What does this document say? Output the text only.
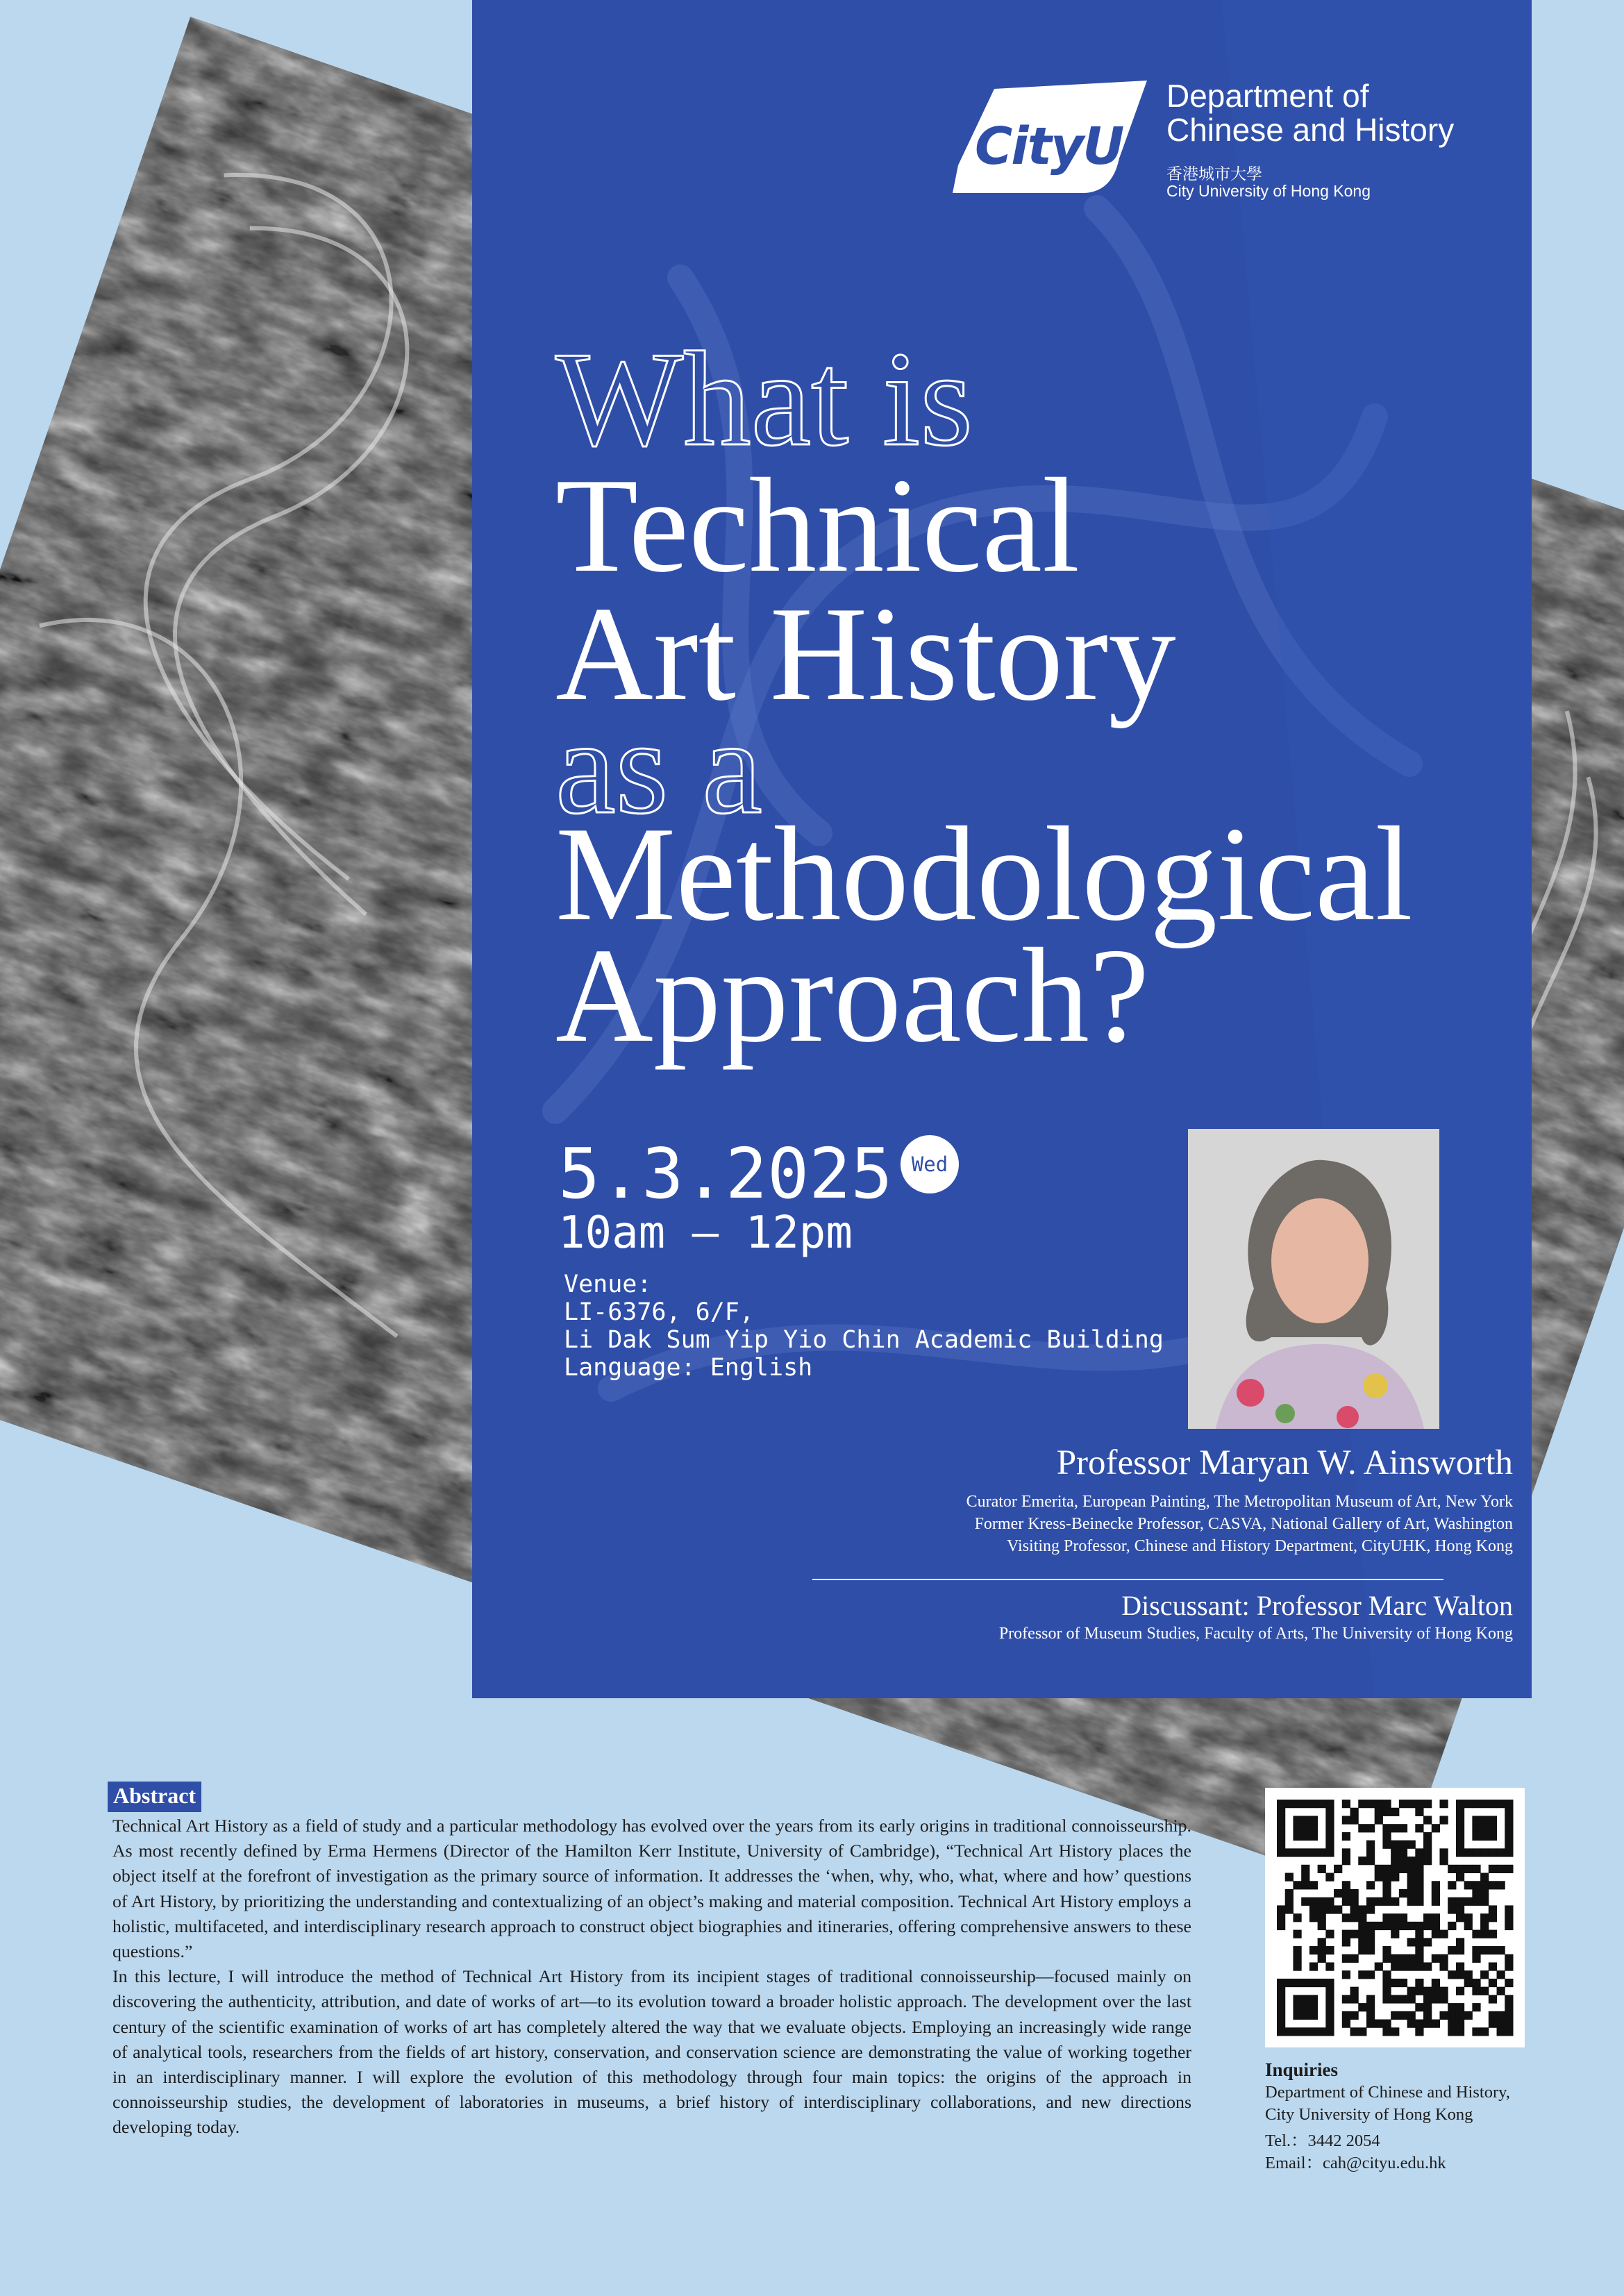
CityU
Department of
Chinese and History
香港城市大學
City University of Hong Kong
What is
Technical
Art History
as a
Methodological
Approach?
5.3.2025 Wed
10am – 12pm
Venue:
LI-6376, 6/F,
Li Dak Sum Yip Yio Chin Academic Building
Language: English
Professor Maryan W. Ainsworth
Curator Emerita, European Painting, The Metropolitan Museum of Art, New York
Former Kress-Beinecke Professor, CASVA, National Gallery of Art, Washington
Visiting Professor, Chinese and History Department, CityUHK, Hong Kong
Discussant: Professor Marc Walton
Professor of Museum Studies, Faculty of Arts, The University of Hong Kong
Abstract

Technical Art History as a field of study and a particular methodology has evolved over the years from its early origins in traditional connoisseurship. As most recently defined by Erma Hermens (Director of the Hamilton Kerr Institute, University of Cambridge), “Technical Art History places the object itself at the forefront of investigation as the primary source of information. It addresses the ‘when, why, who, what, where and how’ questions of Art History, by prioritizing the understanding and contextualizing of an object’s making and material composition. Technical Art History employs a holistic, multifaceted, and interdisciplinary research approach to construct object biographies and itineraries, offering comprehensive answers to these questions.”

In this lecture, I will introduce the method of Technical Art History from its incipient stages of traditional connoisseurship—focused mainly on discovering the authenticity, attribution, and date of works of art—to its evolution toward a broader holistic approach. The development over the last century of the scientific examination of works of art has completely altered the way that we evaluate objects. Employing an increasingly wide range of analytical tools, researchers from the fields of art history, conservation, and conservation science are demonstrating the value of working together in an interdisciplinary manner. I will explore the evolution of this methodology through four main topics: the origins of the approach in connoisseurship studies, the development of laboratories in museums, a brief history of interdisciplinary collaborations, and new directions developing today.

Inquiries
Department of Chinese and History,
City University of Hong Kong
Tel.：3442 2054
Email：cah@cityu.edu.hk
